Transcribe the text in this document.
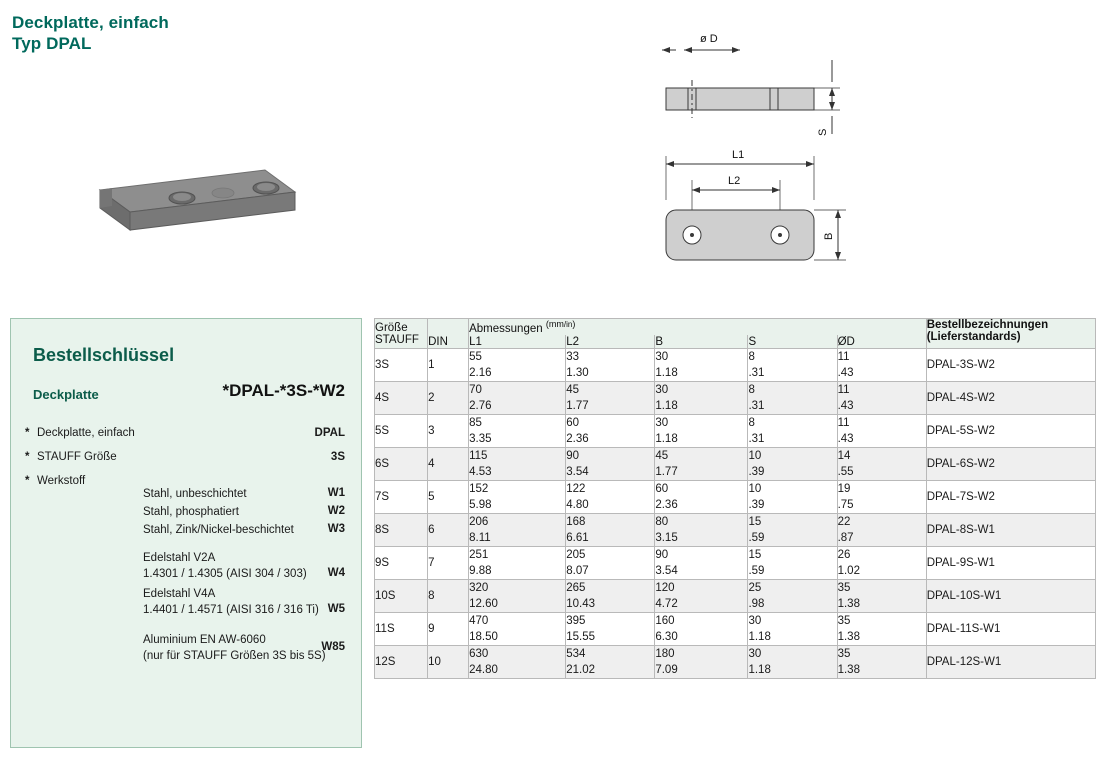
Deckplatte, einfach
Typ DPAL	ø D
S
L1
L2
B
Bestellschlüssel
Deckplatte	*DPAL-*3S-*W2
* Deckplatte, einfach	DPAL
* STAUFF Größe	3S
* Werkstoff
Stahl, unbeschichtet	W1
Stahl, phosphatiert	W2
Stahl, Zink/Nickel-beschichtet	W3
Edelstahl V2A
1.4301 / 1.4305 (AISI 304 / 303) W4
Edelstahl V4A
1.4401 / 1.4571 (AISI 316 / 316 Ti) W5
Aluminium EN AW-6060
(nur für STAUFF Größen 3S bis 5S)
W85
Größe
STAUFF	DIN	Abmessungen $^{(mm/in)}$					Bestellbezeichnungen
(Lieferstandards)

		L1	L2	B	S	ØD	
3S	1	55	33	30	8	11	DPAL-3S-W2
		2.16	1.30	1.18	.31	.43	
4S	2	70	45	30	8	11	DPAL-4S-W2
		2.76	1.77	1.18	.31	.43	
5S	3	85	60	30	8	11	DPAL-5S-W2
		3.35	2.36	1.18	.31	.43	
6S	4	115	90	45	10	14	DPAL-6S-W2
		4.53	3.54	1.77	.39	.55	
7S	5	152	122	60	10	19	DPAL-7S-W2
		5.98	4.80	2.36	.39	.75	
8S	6	206	168	80	15	22	DPAL-8S-W1
		8.11	6.61	3.15	.59	.87	
9S	7	251	205	90	15	26	DPAL-9S-W1
		9.88	8.07	3.54	.59	1.02	
10S	8	320	265	120	25	35	DPAL-10S-W1
		12.60	10.43	4.72	.98	1.38	
11S	9	470	395	160	30	35	DPAL-11S-W1
		18.50	15.55	6.30	1.18	1.38	
12S	10	630	534	180	30	35	DPAL-12S-W1
		24.80	21.02	7.09	1.18	1.38	
